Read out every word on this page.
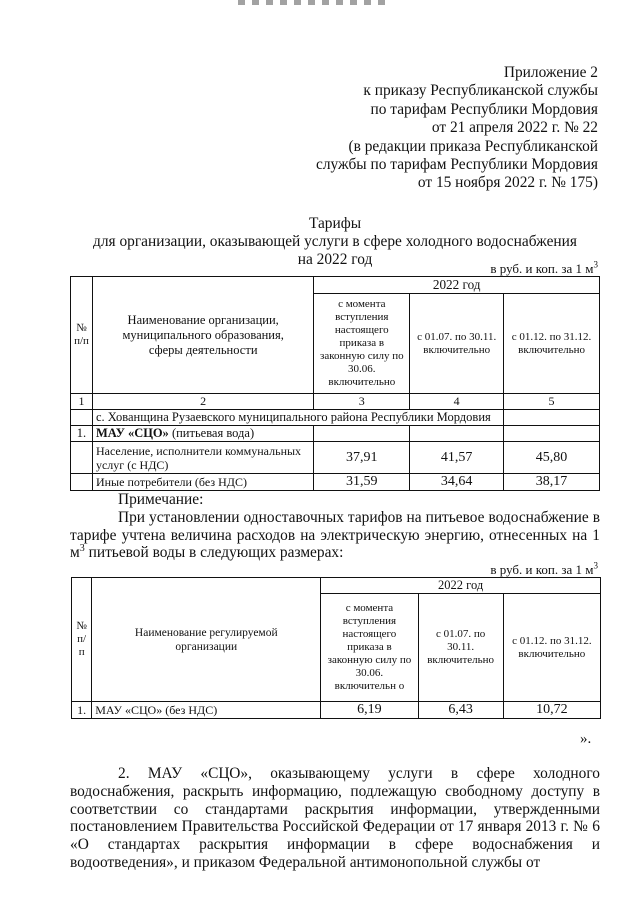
Приложение 2
к приказу Республиканской службы
по тарифам Республики Мордовия
от 21 апреля 2022 г. № 22
(в редакции приказа Республиканской
службы по тарифам Республики Мордовия
от 15 ноября 2022 г. № 175)
Тарифы
для организации, оказывающей услуги в сфере холодного водоснабжения
на 2022 год
в руб. и коп. за 1 $м^3$
№ п/п	Наименование организации, муниципального образования, сферы деятельности	2022 год		
		с момента вступления настоящего приказа в законную силу по 30.06. включительно	с 01.07. по 30.11. включительно	с 01.12. по 31.12. включительно
1	2	3	4	5
	с. Хованщина Рузаевского муниципального района Республики Мордовия			
1.	МАУ «СЦО» (питьевая вода)			
	Население, исполнители коммунальных услуг (с НДС)	37,91	41,57	45,80
	Иные потребители (без НДС)	31,59	34,64	38,17
Примечание:

При установлении одноставочных тарифов на питьевое водоснабжение в тарифе учтена величина расходов на электрическую энергию, отнесенных на 1 $м^3$ питьевой воды в следующих размерах:

в руб. и коп. за 1 $м^3$
№ п/ п	Наименование регулируемой организации	2022 год		
		с момента вступления настоящего приказа в законную силу по 30.06. включительн о	с 01.07. по 30.11. включительно	с 01.12. по 31.12. включительно
1.	МАУ «СЦО» (без НДС)	6,19	6,43	10,72
».

2. МАУ «СЦО», оказывающему услуги в сфере холодного водоснабжения, раскрыть информацию, подлежащую свободному доступу в соответствии со стандартами раскрытия информации, утвержденными постановлением Правительства Российской Федерации от 17 января 2013 г. № 6 «О стандартах раскрытия информации в сфере водоснабжения и водоотведения», и приказом Федеральной антимонопольной службы от
